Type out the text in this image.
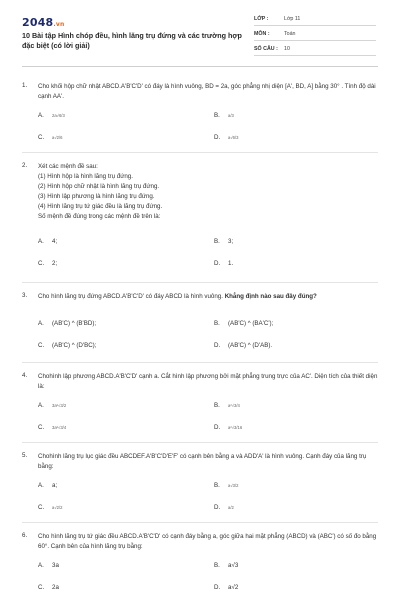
2048.vn
10 Bài tập Hình chóp đều, hình lăng trụ đứng và các trường hợp đặc biệt (có lời giải)
LỚP :	Lớp 11
MÔN :	Toán
SỐ CÂU : 10
1. Cho khối hộp chữ nhật ABCD.A'B'C'D' có đáy là hình vuông, BD = 2a, góc phẳng nhị diện [A', BD, A] bằng 30° . Tính độ dài cạnh AA'.
A. 2a√6/3	B. a/3
C. a√2/6	D. a√6/3
2. Xét các mệnh đề sau:
(1) Hình hộp là hình lăng trụ đứng.
(2) Hình hộp chữ nhật là hình lăng trụ đứng.
(3) Hình lập phương là hình lăng trụ đứng.
(4) Hình lăng trụ tứ giác đều là lăng trụ đứng.
Số mệnh đề đúng trong các mệnh đề trên là:
A. 4;	B. 3;
C. 2;	D. 1.
3. Cho hình lăng trụ đứng ABCD.A'B'C'D' có đáy ABCD là hình vuông. Khẳng định nào sau đây đúng?
A. (AB'C) ^ (B'BD);	B. (AB'C) ^ (BA'C');
C. (AB'C) ^ (D'BC);	D. (AB'C) ^ (D'AB).
4. Chohình lập phương ABCD.A'B'C'D' cạnh a. Cắt hình lập phương bởi mặt phẳng trung trực của AC'. Diện tích của thiết diện là:
A. 3a²√3/2	B. a²√3/4
C. 3a²√3/4	D. a²√3/16
5. Chohình lăng trụ lục giác đều ABCDEF.A'B'C'D'E'F' có cạnh bên bằng a và ADD'A' là hình vuông. Cạnh đáy của lăng trụ bằng:
A. a;	B. a√3/2
C. a√2/2	D. a/2
6. Cho hình lăng trụ tứ giác đều ABCD.A'B'C'D' có cạnh đáy bằng a, góc giữa hai mặt phẳng (ABCD) và (ABC') có số đo bằng 60°. Cạnh bên của hình lăng trụ bằng:
A. 3a	B. a√3
C. 2a	D. a√2
